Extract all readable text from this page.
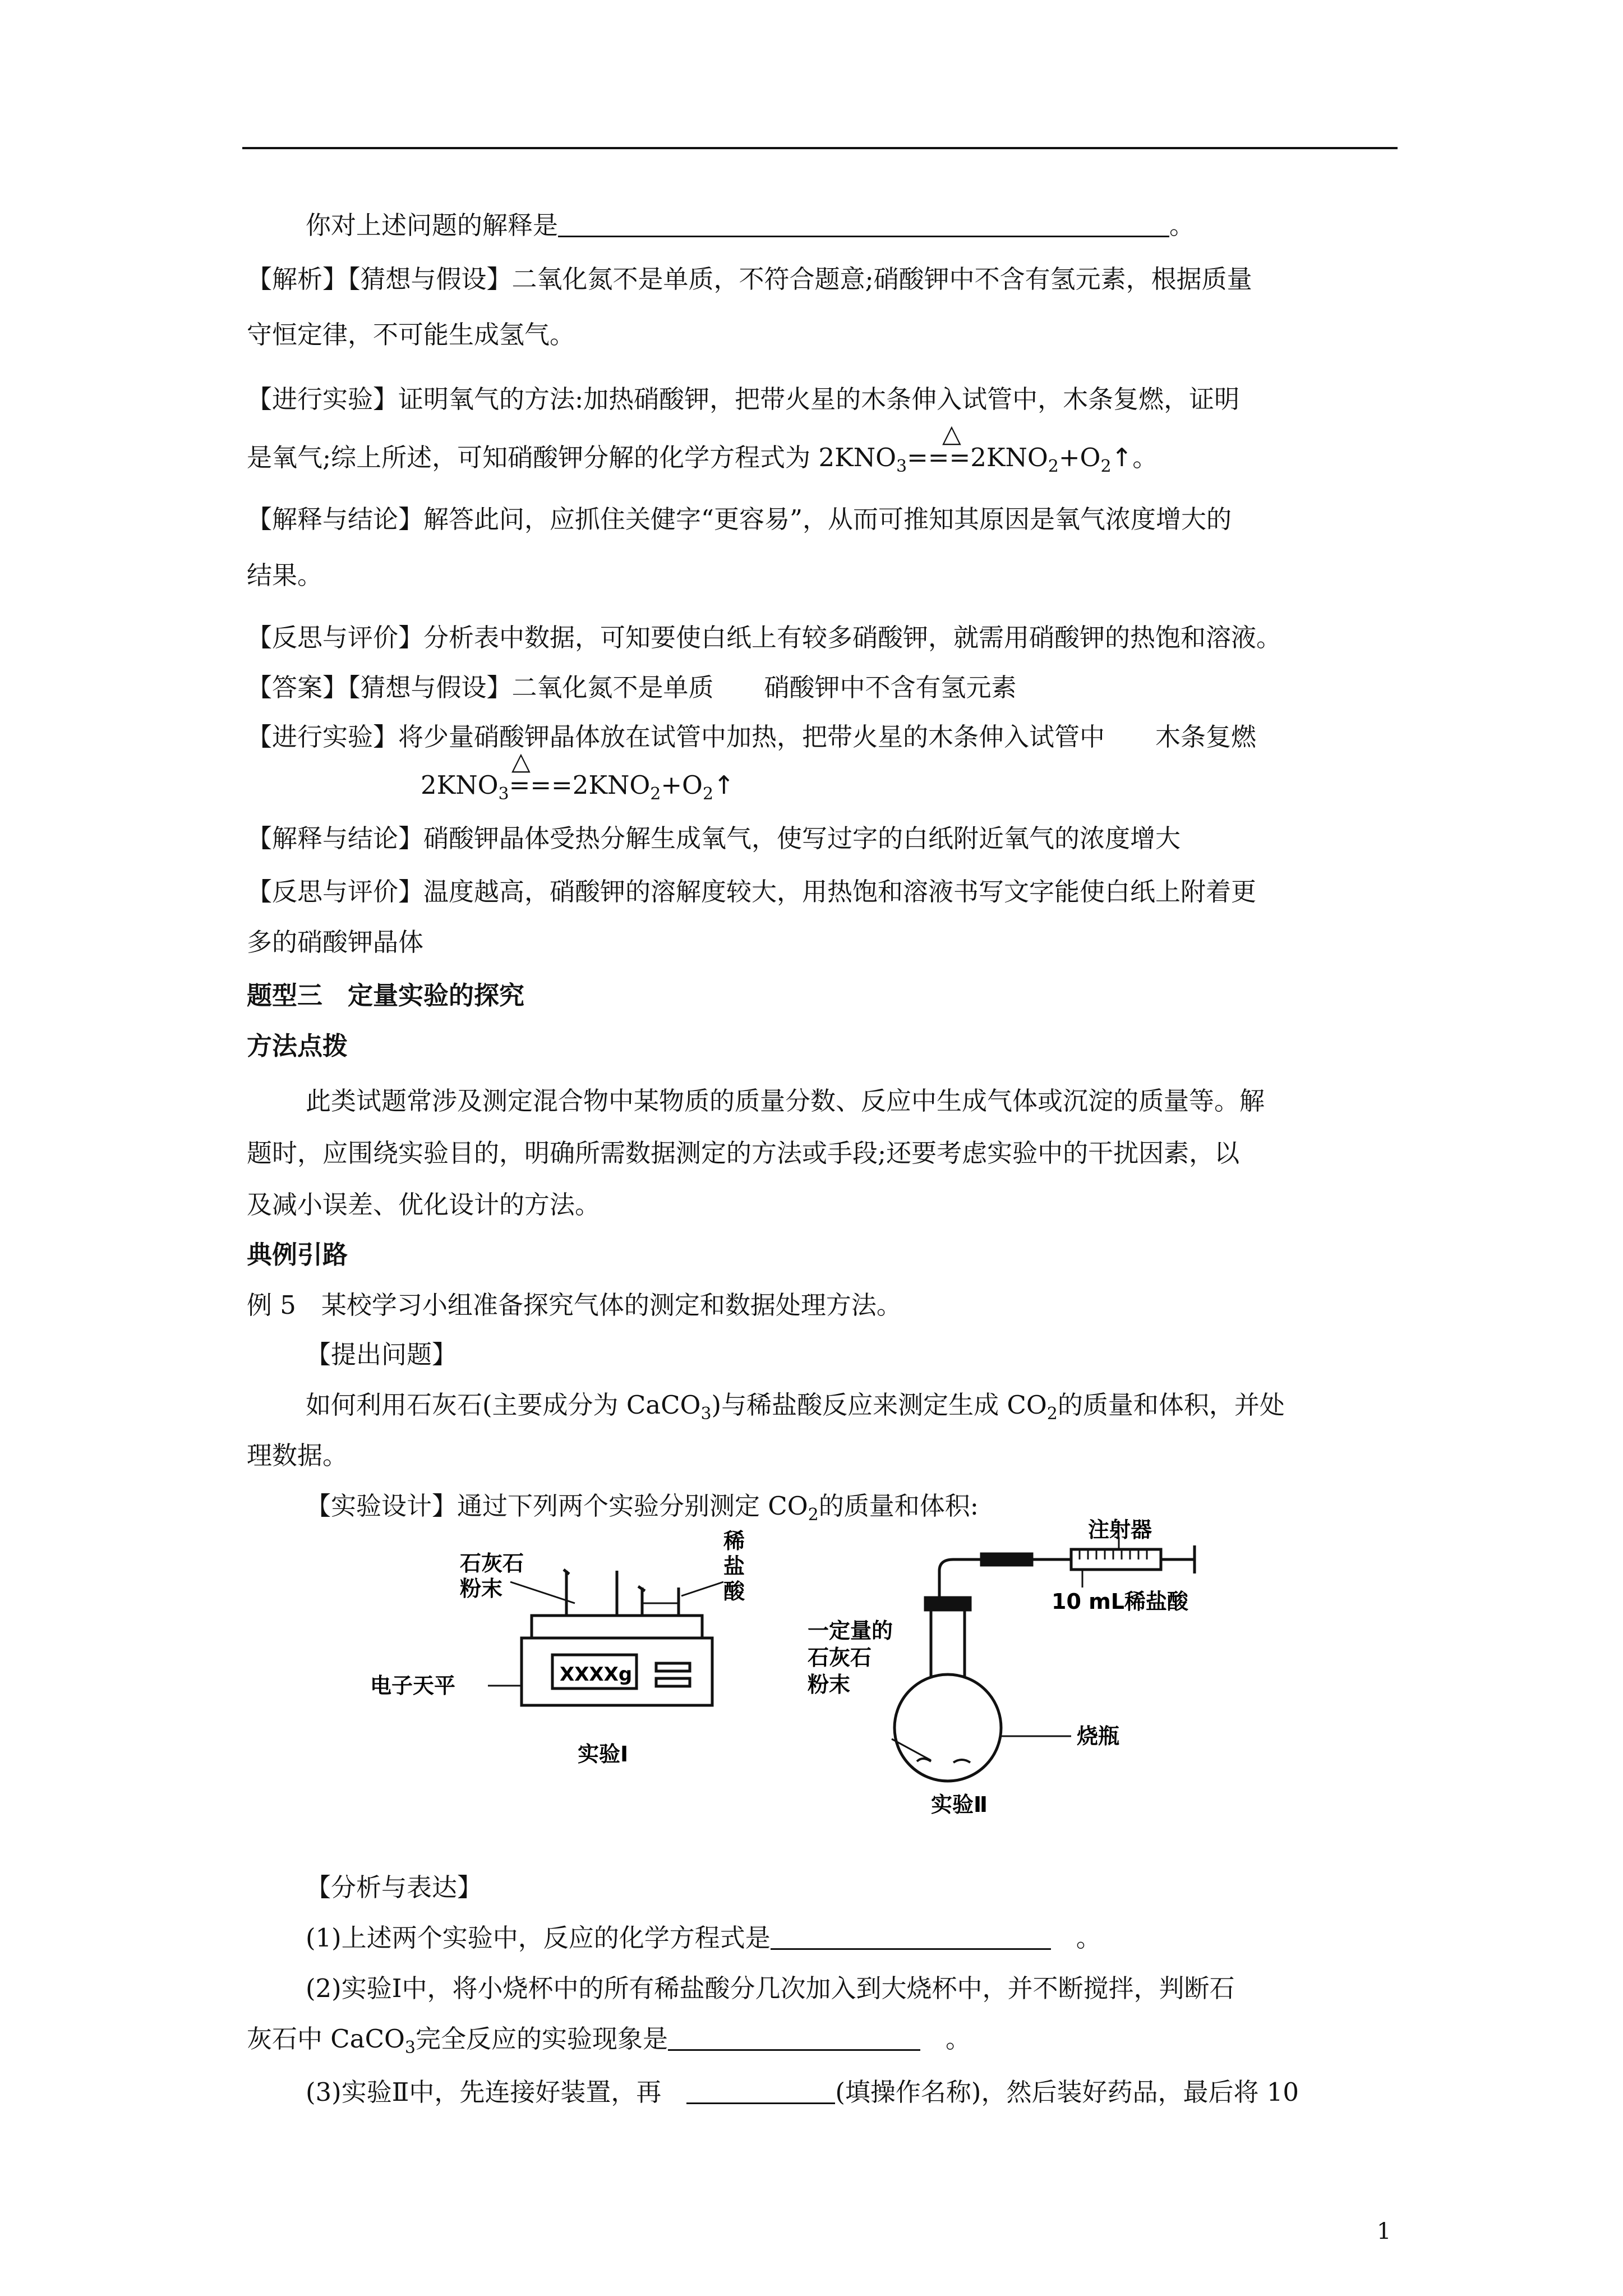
你对上述问题的解释是	。
【解析】【猜想与假设】二氧化氮不是单质，不符合题意;硝酸钾中不含有氢元素，根据质量
守恒定律，不可能生成氢气。
【进行实验】证明氧气的方法:加热硝酸钾，把带火星的木条伸入试管中，木条复燃，证明
是氧气;综上所述，可知硝酸钾分解的化学方程式为 $2KNO_3===2KNO_2+O_2↑$。
△
【解释与结论】解答此问，应抓住关健字“更容易”，从而可推知其原因是氧气浓度增大的
结果。
【反思与评价】分析表中数据，可知要使白纸上有较多硝酸钾，就需用硝酸钾的热饱和溶液。
【答案】【猜想与假设】二氧化氮不是单质　　硝酸钾中不含有氢元素
【进行实验】将少量硝酸钾晶体放在试管中加热，把带火星的木条伸入试管中　　木条复燃
$2KNO_3===2KNO_2+O_2↑$
△
【解释与结论】硝酸钾晶体受热分解生成氧气，使写过字的白纸附近氧气的浓度增大
【反思与评价】温度越高，硝酸钾的溶解度较大，用热饱和溶液书写文字能使白纸上附着更
多的硝酸钾晶体
题型三　定量实验的探究
方法点拨
此类试题常涉及测定混合物中某物质的质量分数、反应中生成气体或沉淀的质量等。解
题时，应围绕实验目的，明确所需数据测定的方法或手段;还要考虑实验中的干扰因素，以
及减小误差、优化设计的方法。
典例引路
例 5　某校学习小组准备探究气体的测定和数据处理方法。
【提出问题】
如何利用石灰石(主要成分为 CaCO$_3$)与稀盐酸反应来测定生成 $CO_2$的质量和体积，并处
理数据。
【实验设计】通过下列两个实验分别测定 $CO_2$的质量和体积:
石灰石
粉末
稀
盐
酸
电子天平	XXXXg
实验Ⅰ
注射器
10 mL稀盐酸
一定量的
石灰石
粉末
烧瓶
实验Ⅱ
【分析与表达】
(1)上述两个实验中，反应的化学方程式是　	。
(2)实验Ⅰ中，将小烧杯中的所有稀盐酸分几次加入到大烧杯中，并不断搅拌，判断石
灰石中 CaCO$_3$完全反应的实验现象是　	。
(3)实验Ⅱ中，先连接好装置，再　	(填操作名称)，然后装好药品，最后将 10
1
